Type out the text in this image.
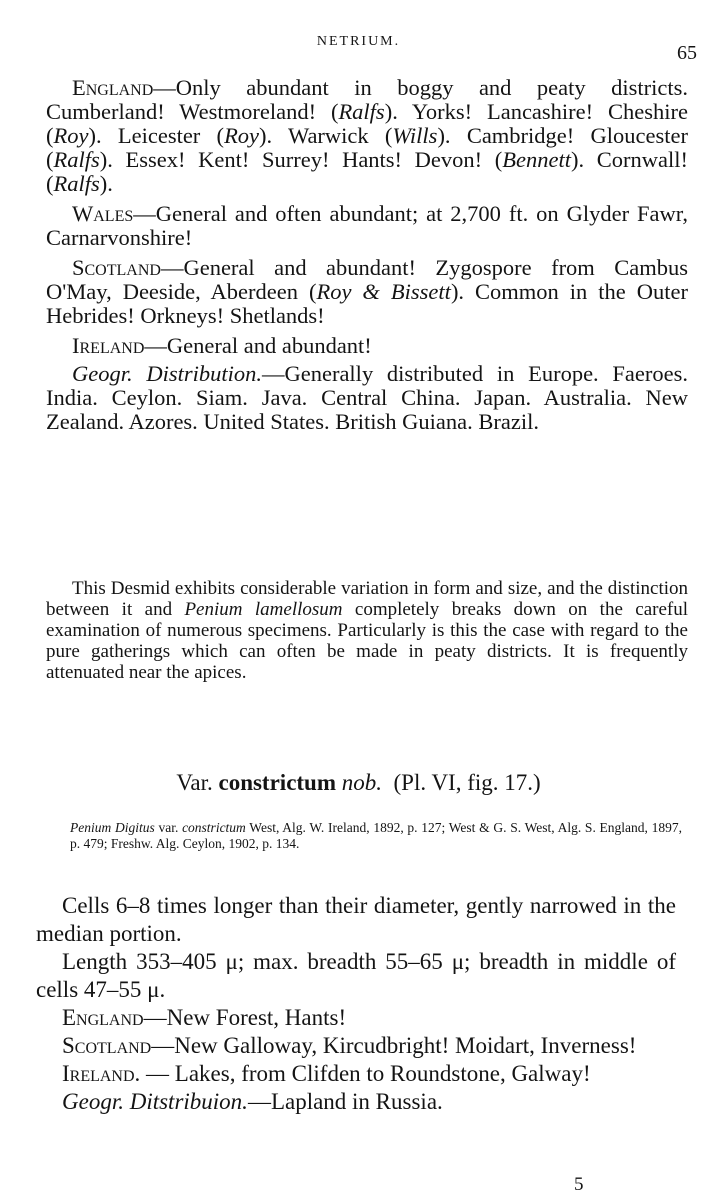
NETRIUM.
65

England—Only abundant in boggy and peaty districts. Cumberland! Westmoreland! (Ralfs). Yorks! Lancashire! Cheshire (Roy). Leicester (Roy). Warwick (Wills). Cambridge! Gloucester (Ralfs). Essex! Kent! Surrey! Hants! Devon! (Bennett). Cornwall! (Ralfs).

Wales—General and often abundant; at 2,700 ft. on Glyder Fawr, Carnarvonshire!

Scotland—General and abundant! Zygospore from Cambus O'May, Deeside, Aberdeen (Roy & Bissett). Common in the Outer Hebrides! Orkneys! Shetlands!

Ireland—General and abundant!

Geogr. Distribution.—Generally distributed in Europe. Faeroes. India. Ceylon. Siam. Java. Central China. Japan. Australia. New Zealand. Azores. United States. British Guiana. Brazil.

This Desmid exhibits considerable variation in form and size, and the distinction between it and Penium lamellosum completely breaks down on the careful examination of numerous specimens. Particularly is this the case with regard to the pure gatherings which can often be made in peaty districts. It is frequently attenuated near the apices.

Var. constrictum nob. (Pl. VI, fig. 17.)
Penium Digitus var. constrictum West, Alg. W. Ireland, 1892, p. 127; West & G. S. West, Alg. S. England, 1897, p. 479; Freshw. Alg. Ceylon, 1902, p. 134.

Cells 6–8 times longer than their diameter, gently narrowed in the median portion.

Length 353–405 μ; max. breadth 55–65 μ; breadth in middle of cells 47–55 μ.

England—New Forest, Hants!

Scotland—New Galloway, Kircudbright! Moidart, Inverness!

Ireland. — Lakes, from Clifden to Roundstone, Galway!

Geogr. Ditstribuion.—Lapland in Russia.

5
